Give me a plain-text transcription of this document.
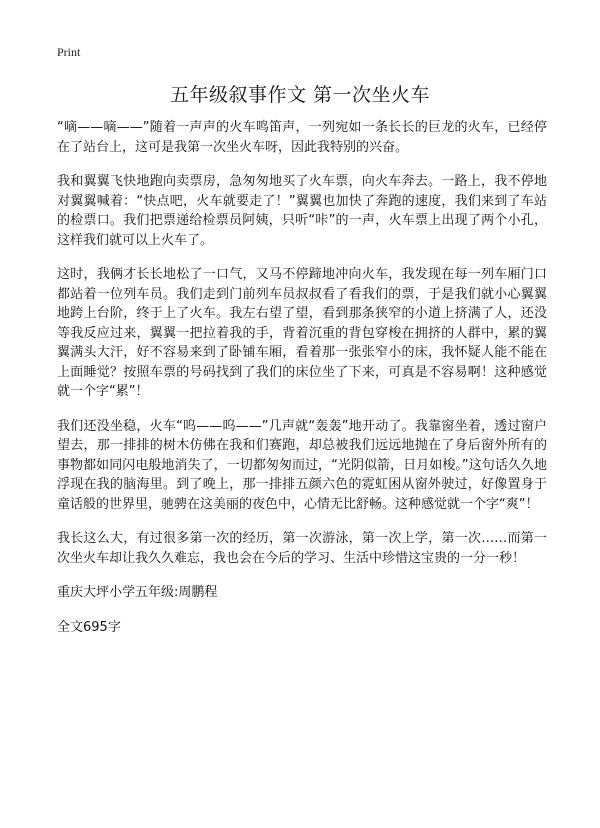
Print
五年级叙事作文 第一次坐火车

“嘀——嘀——”随着一声声的火车鸣笛声，一列宛如一条长长的巨龙的火车，已经停在了站台上，这可是我第一次坐火车呀，因此我特别的兴奋。

我和翼翼飞快地跑向卖票房，急匆匆地买了火车票，向火车奔去。一路上，我不停地对翼翼喊着：“快点吧，火车就要走了！”翼翼也加快了奔跑的速度，我们来到了车站的检票口。我们把票递给检票员阿姨，只听“咔”的一声，火车票上出现了两个小孔，这样我们就可以上火车了。

这时，我俩才长长地松了一口气，又马不停蹄地冲向火车，我发现在每一列车厢门口都站着一位列车员。我们走到门前列车员叔叔看了看我们的票，于是我们就小心翼翼地跨上台阶，终于上了火车。我左右望了望，看到那条狭窄的小道上挤满了人，还没等我反应过来，翼翼一把拉着我的手，背着沉重的背包穿梭在拥挤的人群中，累的翼翼满头大汗，好不容易来到了卧铺车厢，看着那一张张窄小的床，我怀疑人能不能在上面睡觉？按照车票的号码找到了我们的床位坐了下来，可真是不容易啊！这种感觉就一个字“累”！

我们还没坐稳，火车“呜——呜——”几声就“轰轰”地开动了。我靠窗坐着，透过窗户望去，那一排排的树木仿佛在我和们赛跑，却总被我们远远地抛在了身后窗外所有的事物都如同闪电般地消失了，一切都匆匆而过，“光阴似箭，日月如梭。”这句话久久地浮现在我的脑海里。到了晚上，那一排排五颜六色的霓虹困从窗外驶过，好像置身于童话般的世界里，驰骋在这美丽的夜色中，心情无比舒畅。这种感觉就一个字“爽”！

我长这么大，有过很多第一次的经历，第一次游泳，第一次上学，第一次……而第一次坐火车却让我久久难忘，我也会在今后的学习、生活中珍惜这宝贵的一分一秒！

重庆大坪小学五年级:周鹏程

全文695字
